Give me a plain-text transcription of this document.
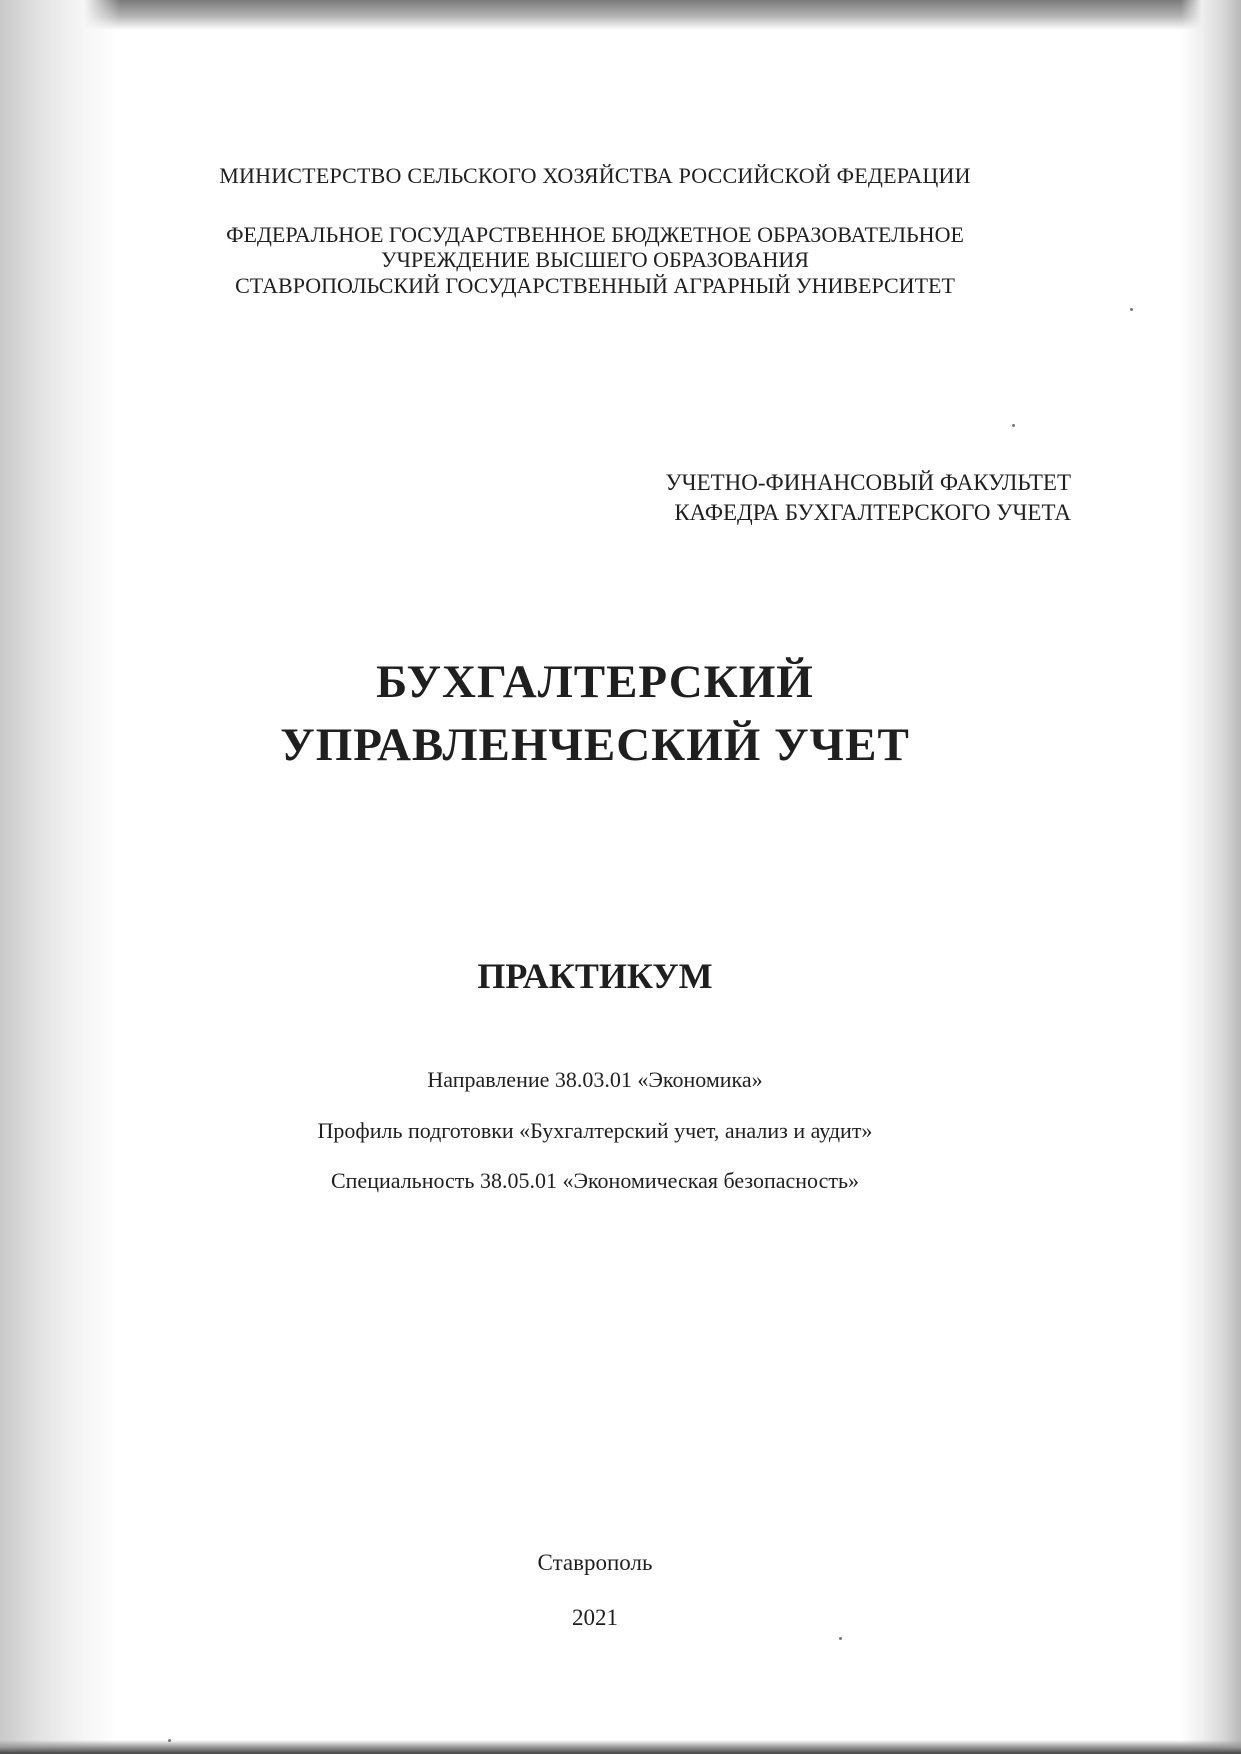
МИНИСТЕРСТВО СЕЛЬСКОГО ХОЗЯЙСТВА РОССИЙСКОЙ ФЕДЕРАЦИИ
ФЕДЕРАЛЬНОЕ ГОСУДАРСТВЕННОЕ БЮДЖЕТНОЕ ОБРАЗОВАТЕЛЬНОЕ
УЧРЕЖДЕНИЕ ВЫСШЕГО ОБРАЗОВАНИЯ
СТАВРОПОЛЬСКИЙ ГОСУДАРСТВЕННЫЙ АГРАРНЫЙ УНИВЕРСИТЕТ
УЧЕТНО-ФИНАНСОВЫЙ ФАКУЛЬТЕТ
КАФЕДРА БУХГАЛТЕРСКОГО УЧЕТА
БУХГАЛТЕРСКИЙ
УПРАВЛЕНЧЕСКИЙ УЧЕТ
ПРАКТИКУМ
Направление 38.03.01 «Экономика»
Профиль подготовки «Бухгалтерский учет, анализ и аудит»
Специальность 38.05.01 «Экономическая безопасность»
Ставрополь
2021
